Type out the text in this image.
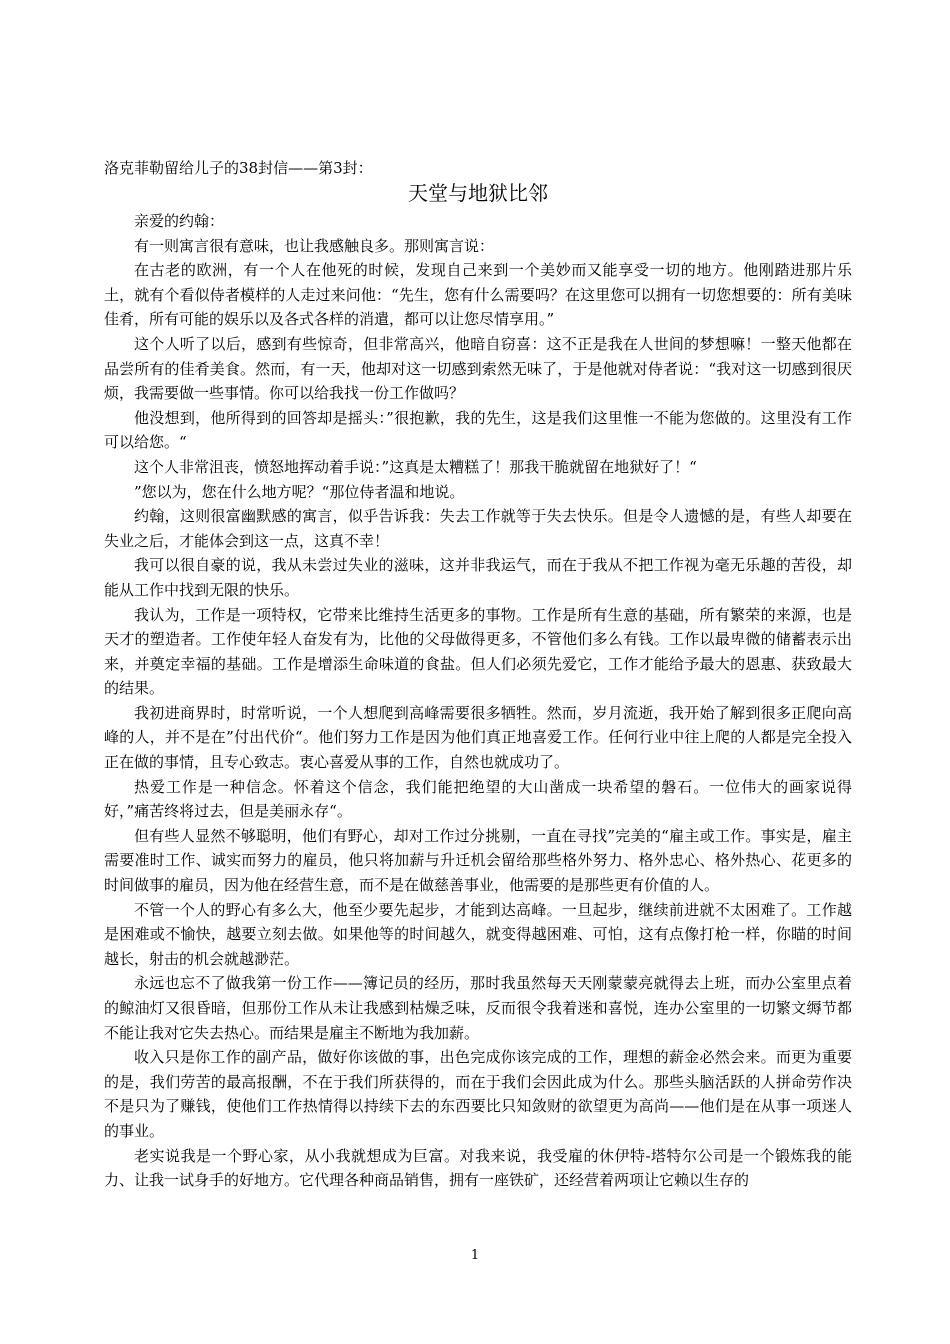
洛克菲勒留给儿子的38封信——第3封：
天堂与地狱比邻

亲爱的约翰：

有一则寓言很有意味，也让我感触良多。那则寓言说：

在古老的欧洲，有一个人在他死的时候，发现自己来到一个美妙而又能享受一切的地方。他刚踏进那片乐土，就有个看似侍者模样的人走过来问他：“先生，您有什么需要吗？在这里您可以拥有一切您想要的：所有美味佳肴，所有可能的娱乐以及各式各样的消遣，都可以让您尽情享用。”

这个人听了以后，感到有些惊奇，但非常高兴，他暗自窃喜：这不正是我在人世间的梦想嘛！一整天他都在品尝所有的佳肴美食。然而，有一天，他却对这一切感到索然无味了，于是他就对侍者说：“我对这一切感到很厌烦，我需要做一些事情。你可以给我找一份工作做吗？

他没想到，他所得到的回答却是摇头：”很抱歉，我的先生，这是我们这里惟一不能为您做的。这里没有工作可以给您。“

这个人非常沮丧，愤怒地挥动着手说：”这真是太糟糕了！那我干脆就留在地狱好了！“

”您以为，您在什么地方呢？“那位侍者温和地说。

约翰，这则很富幽默感的寓言，似乎告诉我：失去工作就等于失去快乐。但是令人遗憾的是，有些人却要在失业之后，才能体会到这一点，这真不幸！

我可以很自豪的说，我从未尝过失业的滋味，这并非我运气，而在于我从不把工作视为毫无乐趣的苦役，却能从工作中找到无限的快乐。

我认为，工作是一项特权，它带来比维持生活更多的事物。工作是所有生意的基础，所有繁荣的来源，也是天才的塑造者。工作使年轻人奋发有为，比他的父母做得更多，不管他们多么有钱。工作以最卑微的储蓄表示出来，并奠定幸福的基础。工作是增添生命味道的食盐。但人们必须先爱它，工作才能给予最大的恩惠、获致最大的结果。

我初进商界时，时常听说，一个人想爬到高峰需要很多牺牲。然而，岁月流逝，我开始了解到很多正爬向高峰的人，并不是在”付出代价“。他们努力工作是因为他们真正地喜爱工作。任何行业中往上爬的人都是完全投入正在做的事情，且专心致志。衷心喜爱从事的工作，自然也就成功了。

热爱工作是一种信念。怀着这个信念，我们能把绝望的大山凿成一块希望的磐石。一位伟大的画家说得好，”痛苦终将过去，但是美丽永存“。

但有些人显然不够聪明，他们有野心，却对工作过分挑剔，一直在寻找”完美的“雇主或工作。事实是，雇主需要准时工作、诚实而努力的雇员，他只将加薪与升迁机会留给那些格外努力、格外忠心、格外热心、花更多的时间做事的雇员，因为他在经营生意，而不是在做慈善事业，他需要的是那些更有价值的人。

不管一个人的野心有多么大，他至少要先起步，才能到达高峰。一旦起步，继续前进就不太困难了。工作越是困难或不愉快，越要立刻去做。如果他等的时间越久，就变得越困难、可怕，这有点像打枪一样，你瞄的时间越长，射击的机会就越渺茫。

永远也忘不了做我第一份工作——簿记员的经历，那时我虽然每天天刚蒙蒙亮就得去上班，而办公室里点着的鲸油灯又很昏暗，但那份工作从未让我感到枯燥乏味，反而很令我着迷和喜悦，连办公室里的一切繁文缛节都不能让我对它失去热心。而结果是雇主不断地为我加薪。

收入只是你工作的副产品，做好你该做的事，出色完成你该完成的工作，理想的薪金必然会来。而更为重要的是，我们劳苦的最高报酬，不在于我们所获得的，而在于我们会因此成为什么。那些头脑活跃的人拼命劳作决不是只为了赚钱，使他们工作热情得以持续下去的东西要比只知敛财的欲望更为高尚——他们是在从事一项迷人的事业。

老实说我是一个野心家，从小我就想成为巨富。对我来说，我受雇的休伊特-塔特尔公司是一个锻炼我的能力、让我一试身手的好地方。它代理各种商品销售，拥有一座铁矿，还经营着两项让它赖以生存的

1
